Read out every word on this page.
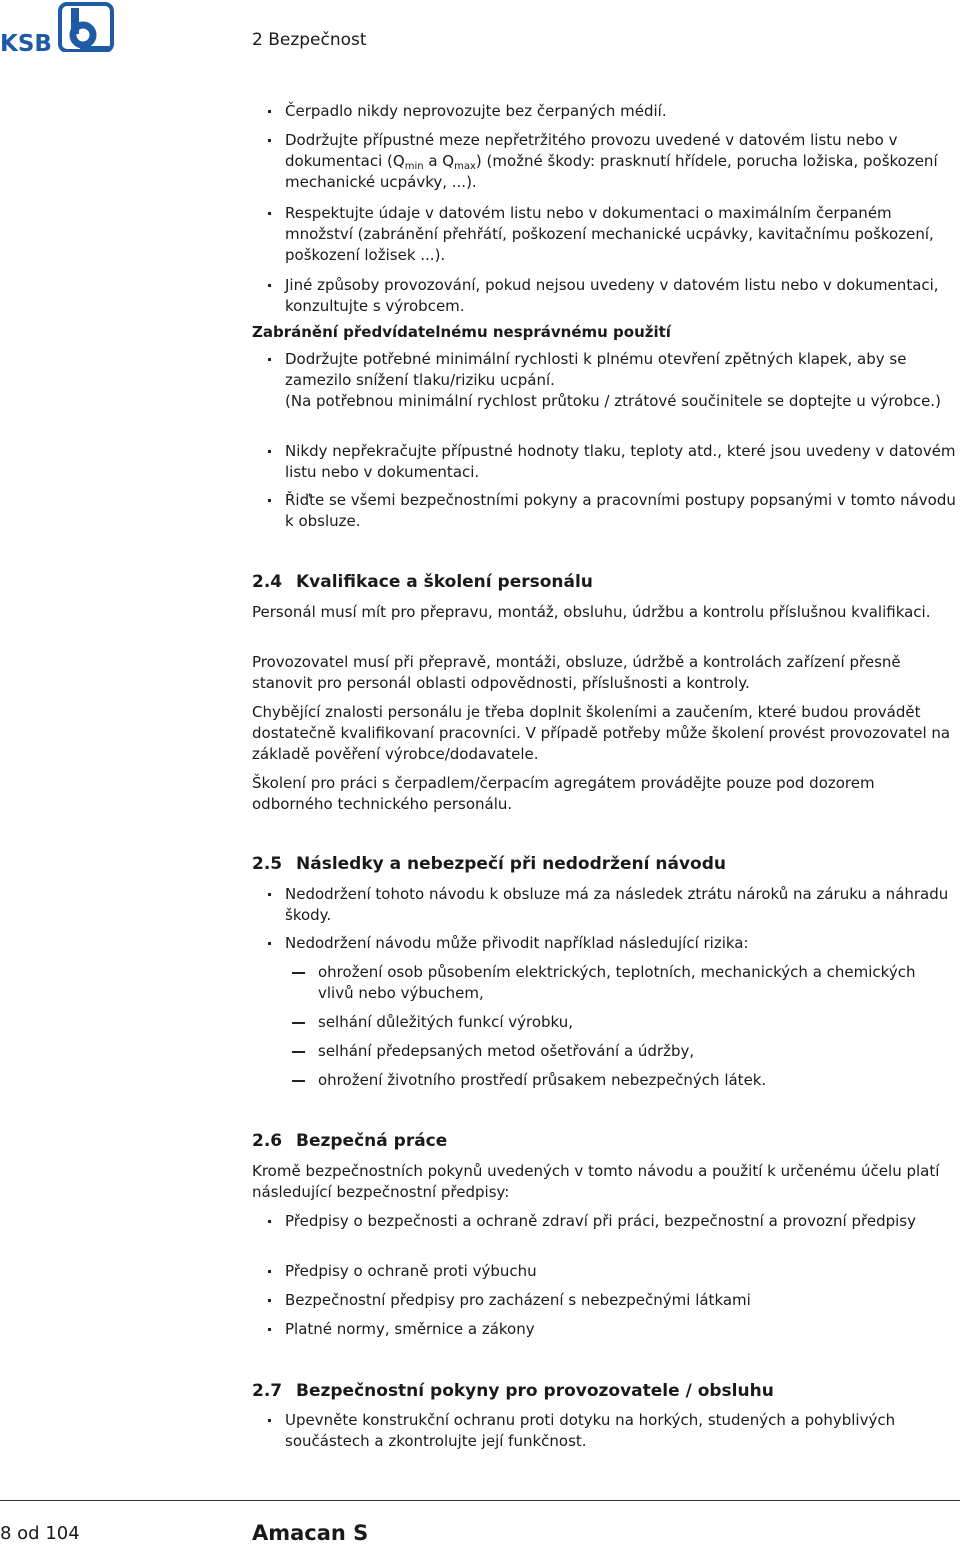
KSB	2 Bezpečnost
Čerpadlo nikdy neprovozujte bez čerpaných médií.
Dodržujte přípustné meze nepřetržitého provozu uvedené v datovém listu nebo v dokumentaci ($Q_{min}$ a $Q_{max}$) (možné škody: prasknutí hřídele, porucha ložiska, poškození mechanické ucpávky, ...).
Respektujte údaje v datovém listu nebo v dokumentaci o maximálním čerpaném množství (zabránění přehřátí, poškození mechanické ucpávky, kavitačnímu poškození, poškození ložisek ...).
Jiné způsoby provozování, pokud nejsou uvedeny v datovém listu nebo v dokumentaci, konzultujte s výrobcem.
Zabránění předvídatelnému nesprávnému použití
Dodržujte potřebné minimální rychlosti k plnému otevření zpětných klapek, aby se zamezilo snížení tlaku/riziku ucpání.
(Na potřebnou minimální rychlost průtoku / ztrátové součinitele se doptejte u výrobce.)
Nikdy nepřekračujte přípustné hodnoty tlaku, teploty atd., které jsou uvedeny v datovém listu nebo v dokumentaci.
Řiďte se všemi bezpečnostními pokyny a pracovními postupy popsanými v tomto návodu k obsluze.
2.4 Kvalifikace a školení personálu

Personál musí mít pro přepravu, montáž, obsluhu, údržbu a kontrolu příslušnou kvalifikaci.

Provozovatel musí při přepravě, montáži, obsluze, údržbě a kontrolách zařízení přesně stanovit pro personál oblasti odpovědnosti, příslušnosti a kontroly.

Chybějící znalosti personálu je třeba doplnit školeními a zaučením, které budou provádět dostatečně kvalifikovaní pracovníci. V případě potřeby může školení provést provozovatel na základě pověření výrobce/dodavatele.

Školení pro práci s čerpadlem/čerpacím agregátem provádějte pouze pod dozorem odborného technického personálu.

2.5 Následky a nebezpečí při nedodržení návodu
Nedodržení tohoto návodu k obsluze má za následek ztrátu nároků na záruku a náhradu škody.
Nedodržení návodu může přivodit například následující rizika:
ohrožení osob působením elektrických, teplotních, mechanických a chemických vlivů nebo výbuchem,
selhání důležitých funkcí výrobku,
selhání předepsaných metod ošetřování a údržby,
ohrožení životního prostředí průsakem nebezpečných látek.
2.6 Bezpečná práce

Kromě bezpečnostních pokynů uvedených v tomto návodu a použití k určenému účelu platí následující bezpečnostní předpisy:

Předpisy o bezpečnosti a ochraně zdraví při práci, bezpečnostní a provozní předpisy
Předpisy o ochraně proti výbuchu
Bezpečnostní předpisy pro zacházení s nebezpečnými látkami
Platné normy, směrnice a zákony
2.7 Bezpečnostní pokyny pro provozovatele / obsluhu
Upevněte konstrukční ochranu proti dotyku na horkých, studených a pohyblivých součástech a zkontrolujte její funkčnost.
8 od 104	Amacan S
